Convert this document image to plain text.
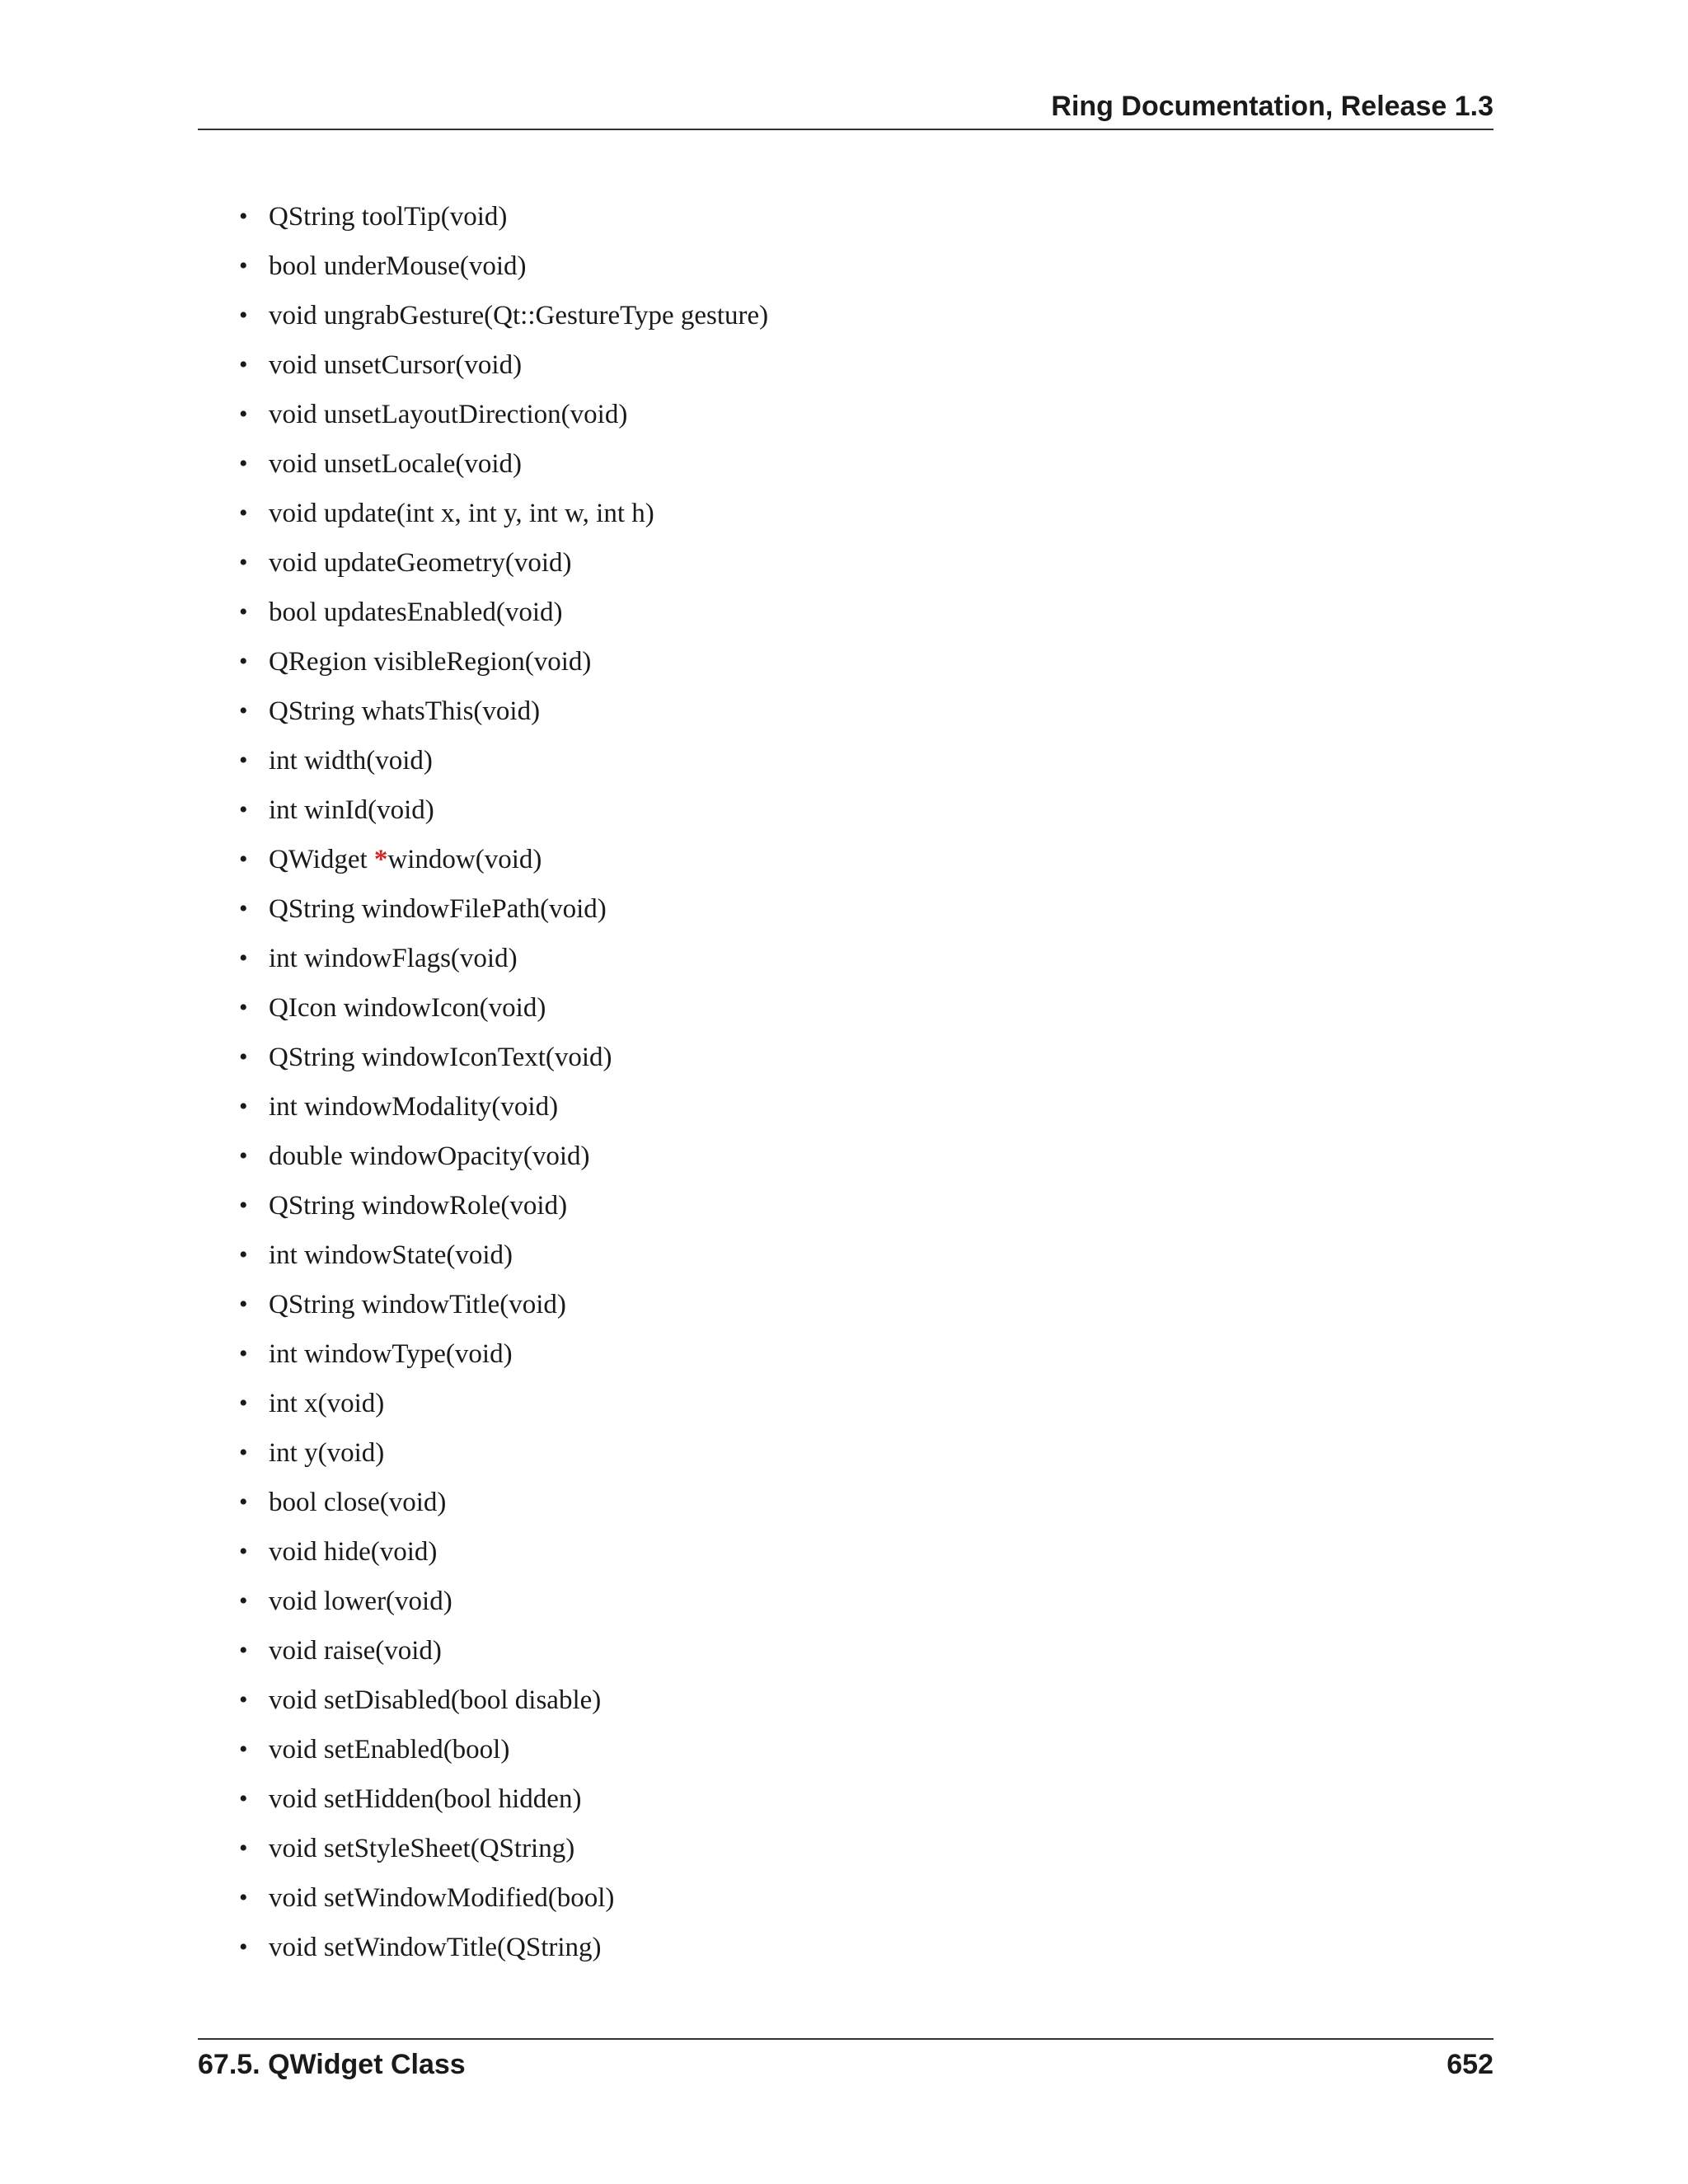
Ring Documentation, Release 1.3
• QString toolTip(void)
• bool underMouse(void)
• void ungrabGesture(Qt::GestureType gesture)
• void unsetCursor(void)
• void unsetLayoutDirection(void)
• void unsetLocale(void)
• void update(int x, int y, int w, int h)
• void updateGeometry(void)
• bool updatesEnabled(void)
• QRegion visibleRegion(void)
• QString whatsThis(void)
• int width(void)
• int winId(void)
• QWidget *window(void)
• QString windowFilePath(void)
• int windowFlags(void)
• QIcon windowIcon(void)
• QString windowIconText(void)
• int windowModality(void)
• double windowOpacity(void)
• QString windowRole(void)
• int windowState(void)
• QString windowTitle(void)
• int windowType(void)
• int x(void)
• int y(void)
• bool close(void)
• void hide(void)
• void lower(void)
• void raise(void)
• void setDisabled(bool disable)
• void setEnabled(bool)
• void setHidden(bool hidden)
• void setStyleSheet(QString)
• void setWindowModified(bool)
• void setWindowTitle(QString)
67.5. QWidget Class	652
